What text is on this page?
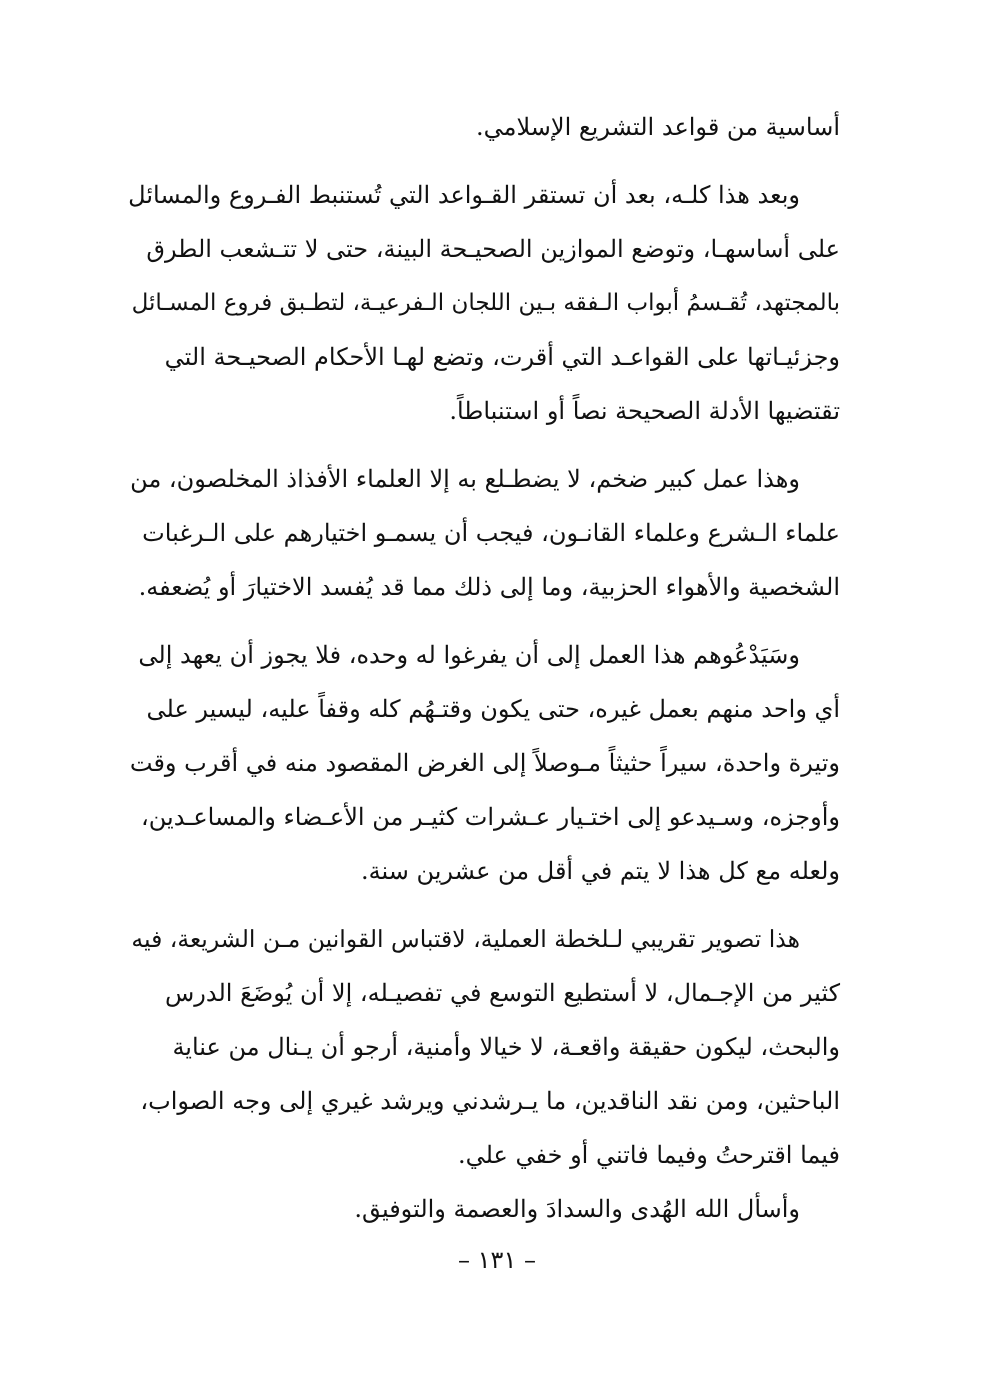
أساسية من قواعد التشريع الإسلامي.

وبعد هذا كلـه، بعد أن تستقر القـواعد التي تُستنبط الفـروع والمسائل
على أساسهـا، وتوضع الموازين الصحيـحة البينة، حتى لا تتـشعب الطرق
بالمجتهد، تُقـسمُ أبواب الـفقه بـين اللجان الـفرعيـة، لتطـبق فروع المسـائل
وجزئيـاتها على القواعـد التي أقرت، وتضع لهـا الأحكام الصحيـحة التي
تقتضيها الأدلة الصحيحة نصاً أو استنباطاً.

وهذا عمل كبير ضخم، لا يضطـلع به إلا العلماء الأفذاذ المخلصون، من
علماء الـشرع وعلماء القانـون، فيجب أن يسمـو اختيارهم على الـرغبات
الشخصية والأهواء الحزبية، وما إلى ذلك مما قد يُفسد الاختيارَ أو يُضعفه.

وسَيَدْعُوهم هذا العمل إلى أن يفرغوا له وحده، فلا يجوز أن يعهد إلى
أي واحد منهم بعمل غيره، حتى يكون وقتـهُم كله وقفاً عليه، ليسير على
وتيرة واحدة، سيراً حثيثاً مـوصلاً إلى الغرض المقصود منه في أقرب وقت
وأوجزه، وسـيدعو إلى اختـيار عـشرات كثيـر من الأعـضاء والمساعـدين،
ولعله مع كل هذا لا يتم في أقل من عشرين سنة.

هذا تصوير تقريبي لـلخطة العملية، لاقتباس القوانين مـن الشريعة، فيه
كثير من الإجـمال، لا أستطيع التوسع في تفصيـله، إلا أن يُوضَعَ الدرس
والبحث، ليكون حقيقة واقعـة، لا خيالا وأمنية، أرجو أن يـنال من عناية
الباحثين، ومن نقد الناقدين، ما يـرشدني ويرشد غيري إلى وجه الصواب،
فيما اقترحتُ وفيما فاتني أو خفي علي.

وأسأل الله الهُدى والسدادَ والعصمة والتوفيق.

– ١٣١ –
